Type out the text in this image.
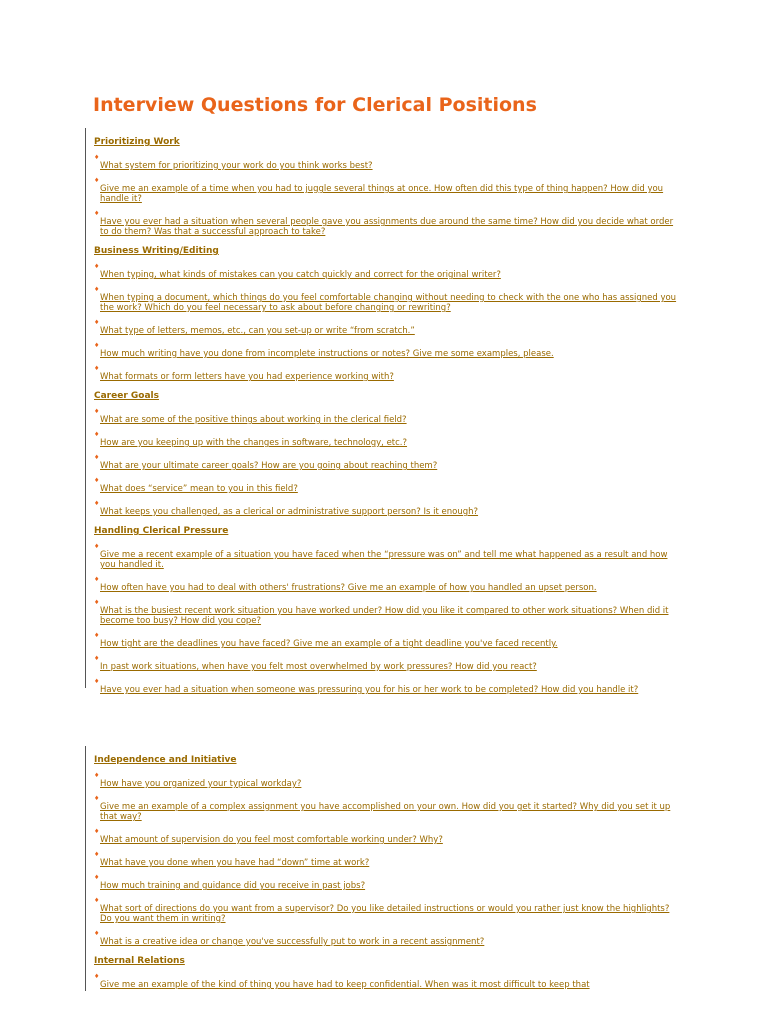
Interview Questions for Clerical Positions
Prioritizing Work
♦
What system for prioritizing your work do you think works best?
♦
Give me an example of a time when you had to juggle several things at once. How often did this type of thing happen? How did you handle it?
♦
Have you ever had a situation when several people gave you assignments due around the same time? How did you decide what order to do them? Was that a successful approach to take?
Business Writing/Editing
♦
When typing, what kinds of mistakes can you catch quickly and correct for the original writer?
♦
When typing a document, which things do you feel comfortable changing without needing to check with the one who has assigned you the work? Which do you feel necessary to ask about before changing or rewriting?
♦
What type of letters, memos, etc., can you set-up or write “from scratch.”
♦
How much writing have you done from incomplete instructions or notes? Give me some examples, please.
♦
What formats or form letters have you had experience working with?
Career Goals
♦
What are some of the positive things about working in the clerical field?
♦
How are you keeping up with the changes in software, technology, etc.?
♦
What are your ultimate career goals? How are you going about reaching them?
♦
What does “service” mean to you in this field?
♦
What keeps you challenged, as a clerical or administrative support person? Is it enough?
Handling Clerical Pressure
♦
Give me a recent example of a situation you have faced when the “pressure was on” and tell me what happened as a result and how you handled it.
♦
How often have you had to deal with others' frustrations? Give me an example of how you handled an upset person.
♦
What is the busiest recent work situation you have worked under? How did you like it compared to other work situations? When did it become too busy? How did you cope?
♦
How tight are the deadlines you have faced? Give me an example of a tight deadline you've faced recently.
♦
In past work situations, when have you felt most overwhelmed by work pressures? How did you react?
♦
Have you ever had a situation when someone was pressuring you for his or her work to be completed? How did you handle it?
Independence and Initiative
♦
How have you organized your typical workday?
♦
Give me an example of a complex assignment you have accomplished on your own. How did you get it started? Why did you set it up that way?
♦
What amount of supervision do you feel most comfortable working under? Why?
♦
What have you done when you have had “down” time at work?
♦
How much training and guidance did you receive in past jobs?
♦
What sort of directions do you want from a supervisor? Do you like detailed instructions or would you rather just know the highlights? Do you want them in writing?
♦
What is a creative idea or change you've successfully put to work in a recent assignment?
Internal Relations
♦
Give me an example of the kind of thing you have had to keep confidential. When was it most difficult to keep that
